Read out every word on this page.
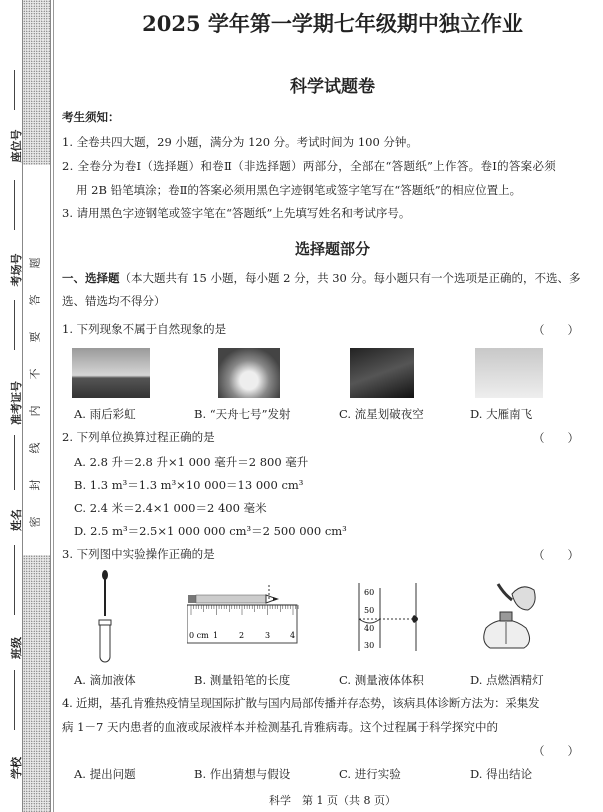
座位号
考场号
准考证号
姓名
班级
学校
题
答
要
不
内
线
封
密
2025 学年第一学期七年级期中独立作业
科学试题卷
考生须知：
1. 全卷共四大题，29 小题，满分为 120 分。考试时间为 100 分钟。
2. 全卷分为卷Ⅰ（选择题）和卷Ⅱ（非选择题）两部分，全部在“答题纸”上作答。卷Ⅰ的答案必须
用 2B 铅笔填涂；卷Ⅱ的答案必须用黑色字迹钢笔或签字笔写在“答题纸”的相应位置上。
3. 请用黑色字迹钢笔或签字笔在“答题纸”上先填写姓名和考试序号。
选择题部分
一、选择题（本大题共有 15 小题，每小题 2 分，共 30 分。每小题只有一个选项是正确的，不选、多
选、错选均不得分）
1. 下列现象不属于自然现象的是	（　　）
A. 雨后彩虹	B. “天舟七号”发射	C. 流星划破夜空	D. 大雁南飞
2. 下列单位换算过程正确的是	（　　）
A. 2.8 升＝2.8 升×1 000 毫升＝2 800 毫升
B. 1.3 m³＝1.3 m³×10 000＝13 000 cm³
C. 2.4 米＝2.4×1 000＝2 400 毫米
D. 2.5 m³＝2.5×1 000 000 cm³＝2 500 000 cm³
3. 下列图中实验操作正确的是	（　　）
0 cm 1	2	3 4
60
50
40
30
A. 滴加液体	B. 测量铅笔的长度	C. 测量液体体积	D. 点燃酒精灯
4. 近期，基孔肯雅热疫情呈现国际扩散与国内局部传播并存态势，该病具体诊断方法为：采集发
病 1－7 天内患者的血液或尿液样本并检测基孔肯雅病毒。这个过程属于科学探究中的
（　　）
A. 提出问题	B. 作出猜想与假设	C. 进行实验	D. 得出结论
科学　第 1 页（共 8 页）
